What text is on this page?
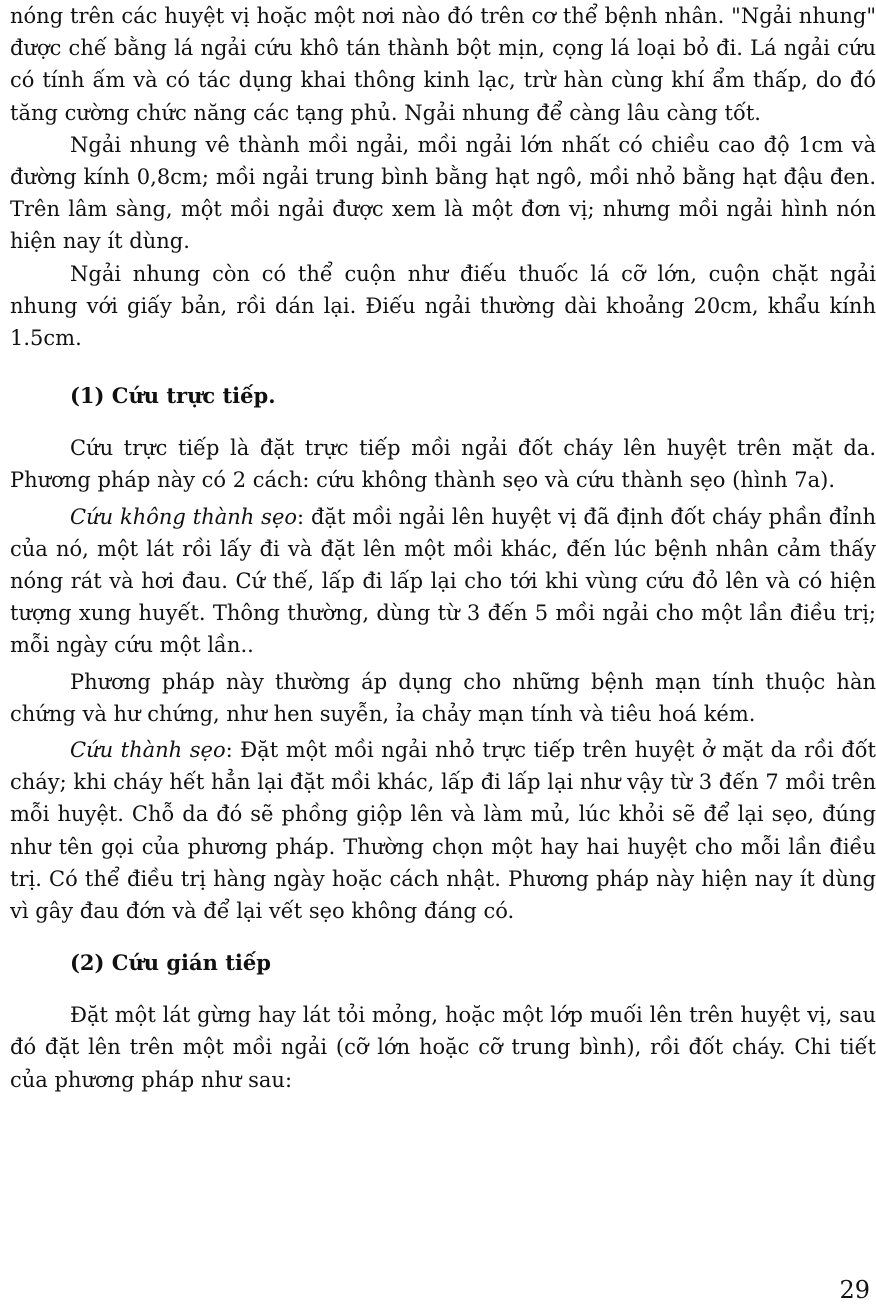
nóng trên các huyệt vị hoặc một nơi nào đó trên cơ thể bệnh nhân. "Ngải nhung" được chế bằng lá ngải cứu khô tán thành bột mịn, cọng lá loại bỏ đi. Lá ngải cứu có tính ấm và có tác dụng khai thông kinh lạc, trừ hàn cùng khí ẩm thấp, do đó tăng cường chức năng các tạng phủ. Ngải nhung để càng lâu càng tốt.

Ngải nhung vê thành mồi ngải, mồi ngải lớn nhất có chiều cao độ 1cm và đường kính 0,8cm; mồi ngải trung bình bằng hạt ngô, mồi nhỏ bằng hạt đậu đen. Trên lâm sàng, một mồi ngải được xem là một đơn vị; nhưng mồi ngải hình nón hiện nay ít dùng.

Ngải nhung còn có thể cuộn như điếu thuốc lá cỡ lớn, cuộn chặt ngải nhung với giấy bản, rồi dán lại. Điếu ngải thường dài khoảng 20cm, khẩu kính 1.5cm.

(1) Cứu trực tiếp.

Cứu trực tiếp là đặt trực tiếp mồi ngải đốt cháy lên huyệt trên mặt da. Phương pháp này có 2 cách: cứu không thành sẹo và cứu thành sẹo (hình 7a).

Cứu không thành sẹo: đặt mồi ngải lên huyệt vị đã định đốt cháy phần đỉnh của nó, một lát rồi lấy đi và đặt lên một mồi khác, đến lúc bệnh nhân cảm thấy nóng rát và hơi đau. Cứ thế, lấp đi lấp lại cho tới khi vùng cứu đỏ lên và có hiện tượng xung huyết. Thông thường, dùng từ 3 đến 5 mồi ngải cho một lần điều trị; mỗi ngày cứu một lần..

Phương pháp này thường áp dụng cho những bệnh mạn tính thuộc hàn chứng và hư chứng, như hen suyễn, ỉa chảy mạn tính và tiêu hoá kém.

Cứu thành sẹo: Đặt một mồi ngải nhỏ trực tiếp trên huyệt ở mặt da rồi đốt cháy; khi cháy hết hẳn lại đặt mồi khác, lấp đi lấp lại như vậy từ 3 đến 7 mồi trên mỗi huyệt. Chỗ da đó sẽ phồng giộp lên và làm mủ, lúc khỏi sẽ để lại sẹo, đúng như tên gọi của phương pháp. Thường chọn một hay hai huyệt cho mỗi lần điều trị. Có thể điều trị hàng ngày hoặc cách nhật. Phương pháp này hiện nay ít dùng vì gây đau đớn và để lại vết sẹo không đáng có.

(2) Cứu gián tiếp

Đặt một lát gừng hay lát tỏi mỏng, hoặc một lớp muối lên trên huyệt vị, sau đó đặt lên trên một mồi ngải (cỡ lớn hoặc cỡ trung bình), rồi đốt cháy. Chi tiết của phương pháp như sau:

29
